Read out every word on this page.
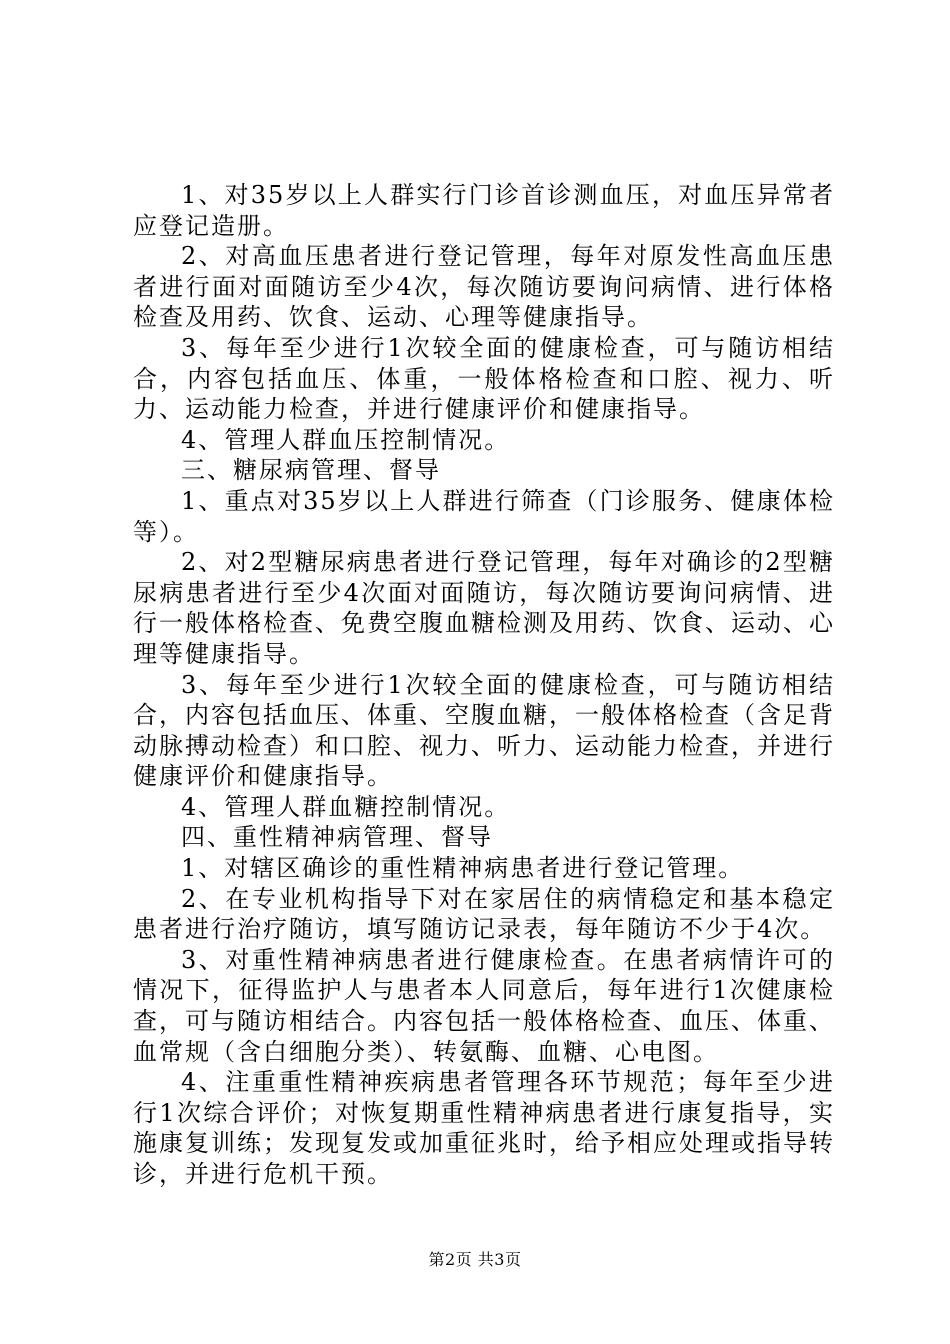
1、对35岁以上人群实行门诊首诊测血压，对血压异常者应登记造册。

2、对高血压患者进行登记管理，每年对原发性高血压患者进行面对面随访至少4次，每次随访要询问病情、进行体格检查及用药、饮食、运动、心理等健康指导。

3、每年至少进行1次较全面的健康检查，可与随访相结合，内容包括血压、体重，一般体格检查和口腔、视力、听力、运动能力检查，并进行健康评价和健康指导。

4、管理人群血压控制情况。

三、糖尿病管理、督导

1、重点对35岁以上人群进行筛查（门诊服务、健康体检等）。

2、对2型糖尿病患者进行登记管理，每年对确诊的2型糖尿病患者进行至少4次面对面随访，每次随访要询问病情、进行一般体格检查、免费空腹血糖检测及用药、饮食、运动、心理等健康指导。

3、每年至少进行1次较全面的健康检查，可与随访相结合，内容包括血压、体重、空腹血糖，一般体格检查（含足背动脉搏动检查）和口腔、视力、听力、运动能力检查，并进行健康评价和健康指导。

4、管理人群血糖控制情况。

四、重性精神病管理、督导

1、对辖区确诊的重性精神病患者进行登记管理。

2、在专业机构指导下对在家居住的病情稳定和基本稳定患者进行治疗随访，填写随访记录表，每年随访不少于4次。

3、对重性精神病患者进行健康检查。在患者病情许可的情况下，征得监护人与患者本人同意后，每年进行1次健康检查，可与随访相结合。内容包括一般体格检查、血压、体重、血常规（含白细胞分类）、转氨酶、血糖、心电图。

4、注重重性精神疾病患者管理各环节规范；每年至少进行1次综合评价；对恢复期重性精神病患者进行康复指导，实施康复训练；发现复发或加重征兆时，给予相应处理或指导转诊，并进行危机干预。

第2页 共3页
